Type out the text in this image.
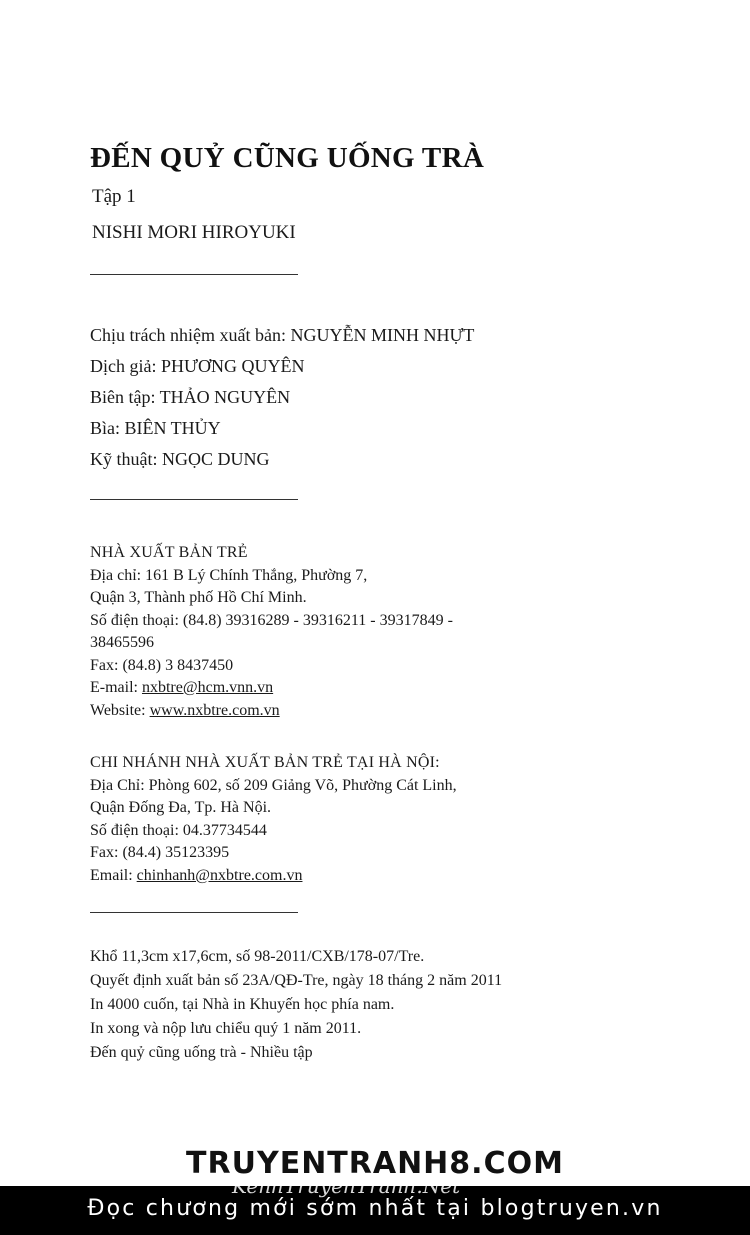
ĐẾN QUỶ CŨNG UỐNG TRÀ
Tập 1
NISHI MORI HIROYUKI
Chịu trách nhiệm xuất bản: NGUYỄN MINH NHỰT
Dịch giả: PHƯƠNG QUYÊN
Biên tập: THẢO NGUYÊN
Bìa: BIÊN THỦY
Kỹ thuật: NGỌC DUNG
NHÀ XUẤT BẢN TRẺ
Địa chỉ: 161 B Lý Chính Thắng, Phường 7,
Quận 3, Thành phố Hồ Chí Minh.
Số điện thoại: (84.8) 39316289 - 39316211 - 39317849 -
38465596
Fax: (84.8) 3 8437450
E-mail: nxbtre@hcm.vnn.vn
Website: www.nxbtre.com.vn
CHI NHÁNH NHÀ XUẤT BẢN TRẺ TẠI HÀ NỘI:
Địa Chỉ: Phòng 602, số 209 Giảng Võ, Phường Cát Linh,
Quận Đống Đa, Tp. Hà Nội.
Số điện thoại: 04.37734544
Fax: (84.4) 35123395
Email: chinhanh@nxbtre.com.vn
Khổ 11,3cm x17,6cm, số 98-2011/CXB/178-07/Tre.
Quyết định xuất bản số 23A/QĐ-Tre, ngày 18 tháng 2 năm 2011
In 4000 cuốn, tại Nhà in Khuyến học phía nam.
In xong và nộp lưu chiểu quý 1 năm 2011.
Đến quỷ cũng uống trà - Nhiều tập
TRUYENTRANH8.COM
Đọc chương mới sớm nhất tại blogtruyen.vn
KenhTruyenTranh.Net
